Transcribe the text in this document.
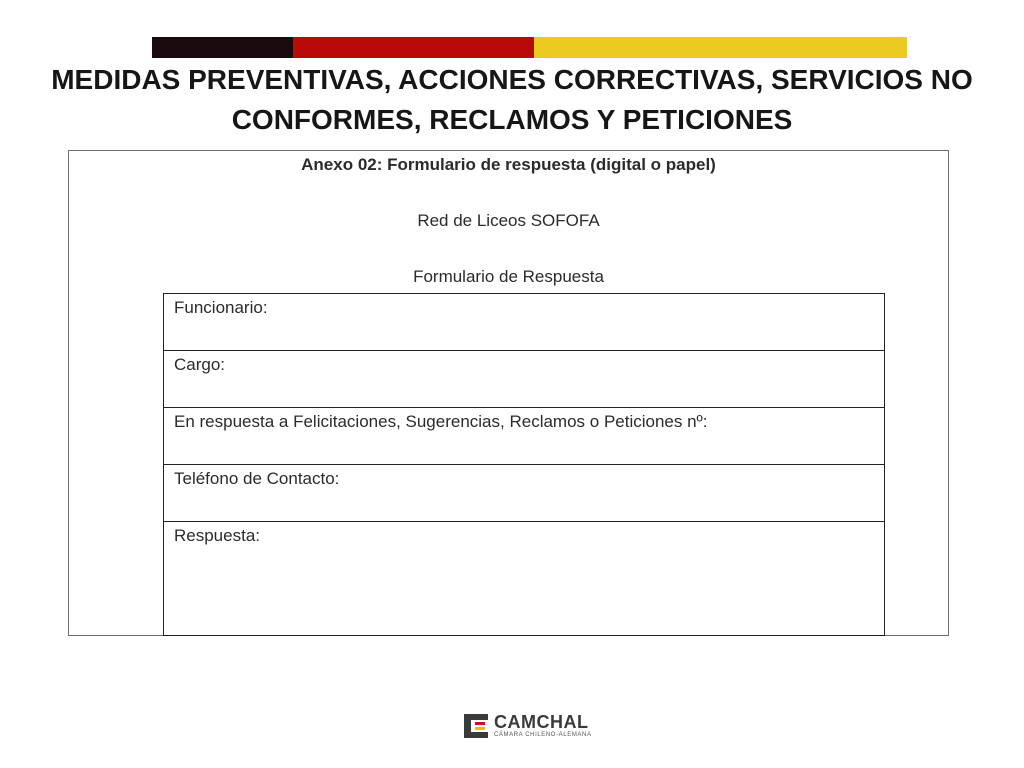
MEDIDAS PREVENTIVAS, ACCIONES CORRECTIVAS, SERVICIOS NO
CONFORMES, RECLAMOS Y PETICIONES
Anexo 02: Formulario de respuesta (digital o papel)
Red de Liceos SOFOFA
Formulario de Respuesta
Funcionario:
Cargo:
En respuesta a Felicitaciones, Sugerencias, Reclamos o Peticiones nº:
Teléfono de Contacto:
Respuesta:
CAMCHAL
CÁMARA CHILENO-ALEMANA
